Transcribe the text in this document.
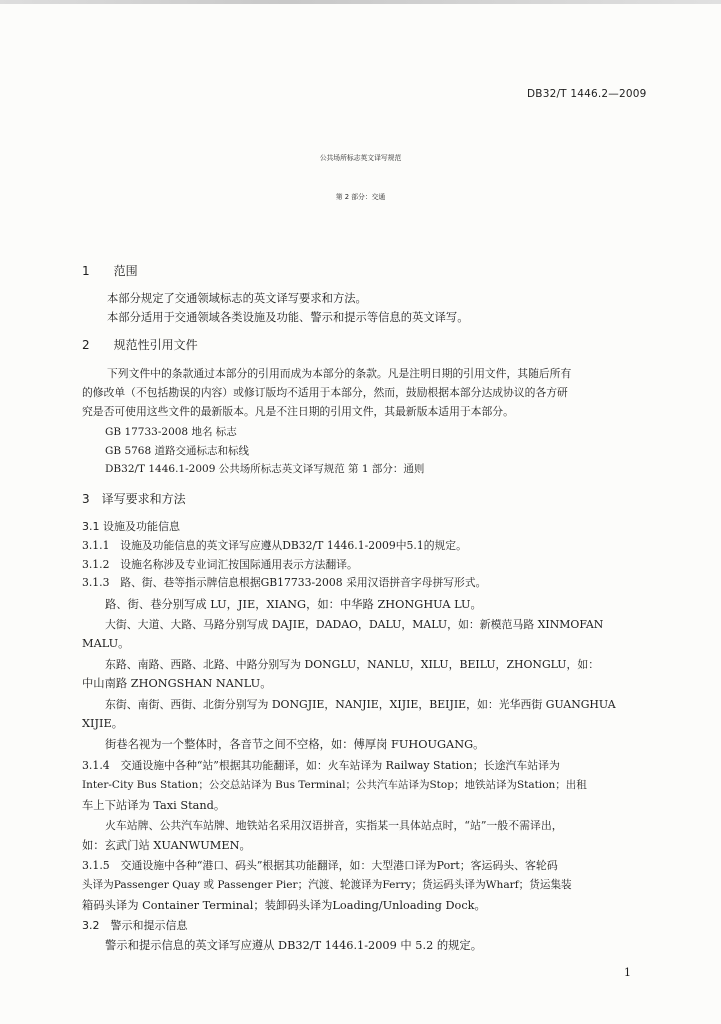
DB32/T 1446.2—2009
公共场所标志英文译写规范
第 2 部分：交通
1　　范围
本部分规定了交通领域标志的英文译写要求和方法。
本部分适用于交通领域各类设施及功能、警示和提示等信息的英文译写。
2　　规范性引用文件
下列文件中的条款通过本部分的引用而成为本部分的条款。凡是注明日期的引用文件，其随后所有
的修改单（不包括勘误的内容）或修订版均不适用于本部分，然而，鼓励根据本部分达成协议的各方研
究是否可使用这些文件的最新版本。凡是不注日期的引用文件，其最新版本适用于本部分。
GB 17733-2008 地名 标志
GB 5768 道路交通标志和标线
DB32/T 1446.1-2009 公共场所标志英文译写规范 第 1 部分：通则
3　译写要求和方法
3.1 设施及功能信息
3.1.1　设施及功能信息的英文译写应遵从DB32/T 1446.1-2009中5.1的规定。
3.1.2　设施名称涉及专业词汇按国际通用表示方法翻译。
3.1.3　路、街、巷等指示牌信息根据GB17733-2008 采用汉语拼音字母拼写形式。
路、街、巷分别写成 LU，JIE，XIANG，如：中华路 ZHONGHUA LU。
大街、大道、大路、马路分别写成 DAJIE，DADAO，DALU，MALU，如：新模范马路 XINMOFAN
MALU。
东路、南路、西路、北路、中路分别写为 DONGLU，NANLU，XILU，BEILU，ZHONGLU，如：
中山南路 ZHONGSHAN NANLU。
东街、南街、西街、北街分别写为 DONGJIE，NANJIE，XIJIE，BEIJIE，如：光华西街 GUANGHUA
XIJIE。
街巷名视为一个整体时，各音节之间不空格，如：傅厚岗 FUHOUGANG。
3.1.4　交通设施中各种“站”根据其功能翻译，如：火车站译为 Railway Station；长途汽车站译为
Inter-City Bus Station；公交总站译为 Bus Terminal；公共汽车站译为Stop；地铁站译为Station；出租
车上下站译为 Taxi Stand。
火车站牌、公共汽车站牌、地铁站名采用汉语拼音，实指某一具体站点时，“站”一般不需译出，
如：玄武门站 XUANWUMEN。
3.1.5　交通设施中各种“港口、码头”根据其功能翻译，如：大型港口译为Port；客运码头、客轮码
头译为Passenger Quay 或 Passenger Pier；汽渡、轮渡译为Ferry；货运码头译为Wharf；货运集装
箱码头译为 Container Terminal；装卸码头译为Loading/Unloading Dock。
3.2　警示和提示信息
警示和提示信息的英文译写应遵从 DB32/T 1446.1-2009 中 5.2 的规定。
1
